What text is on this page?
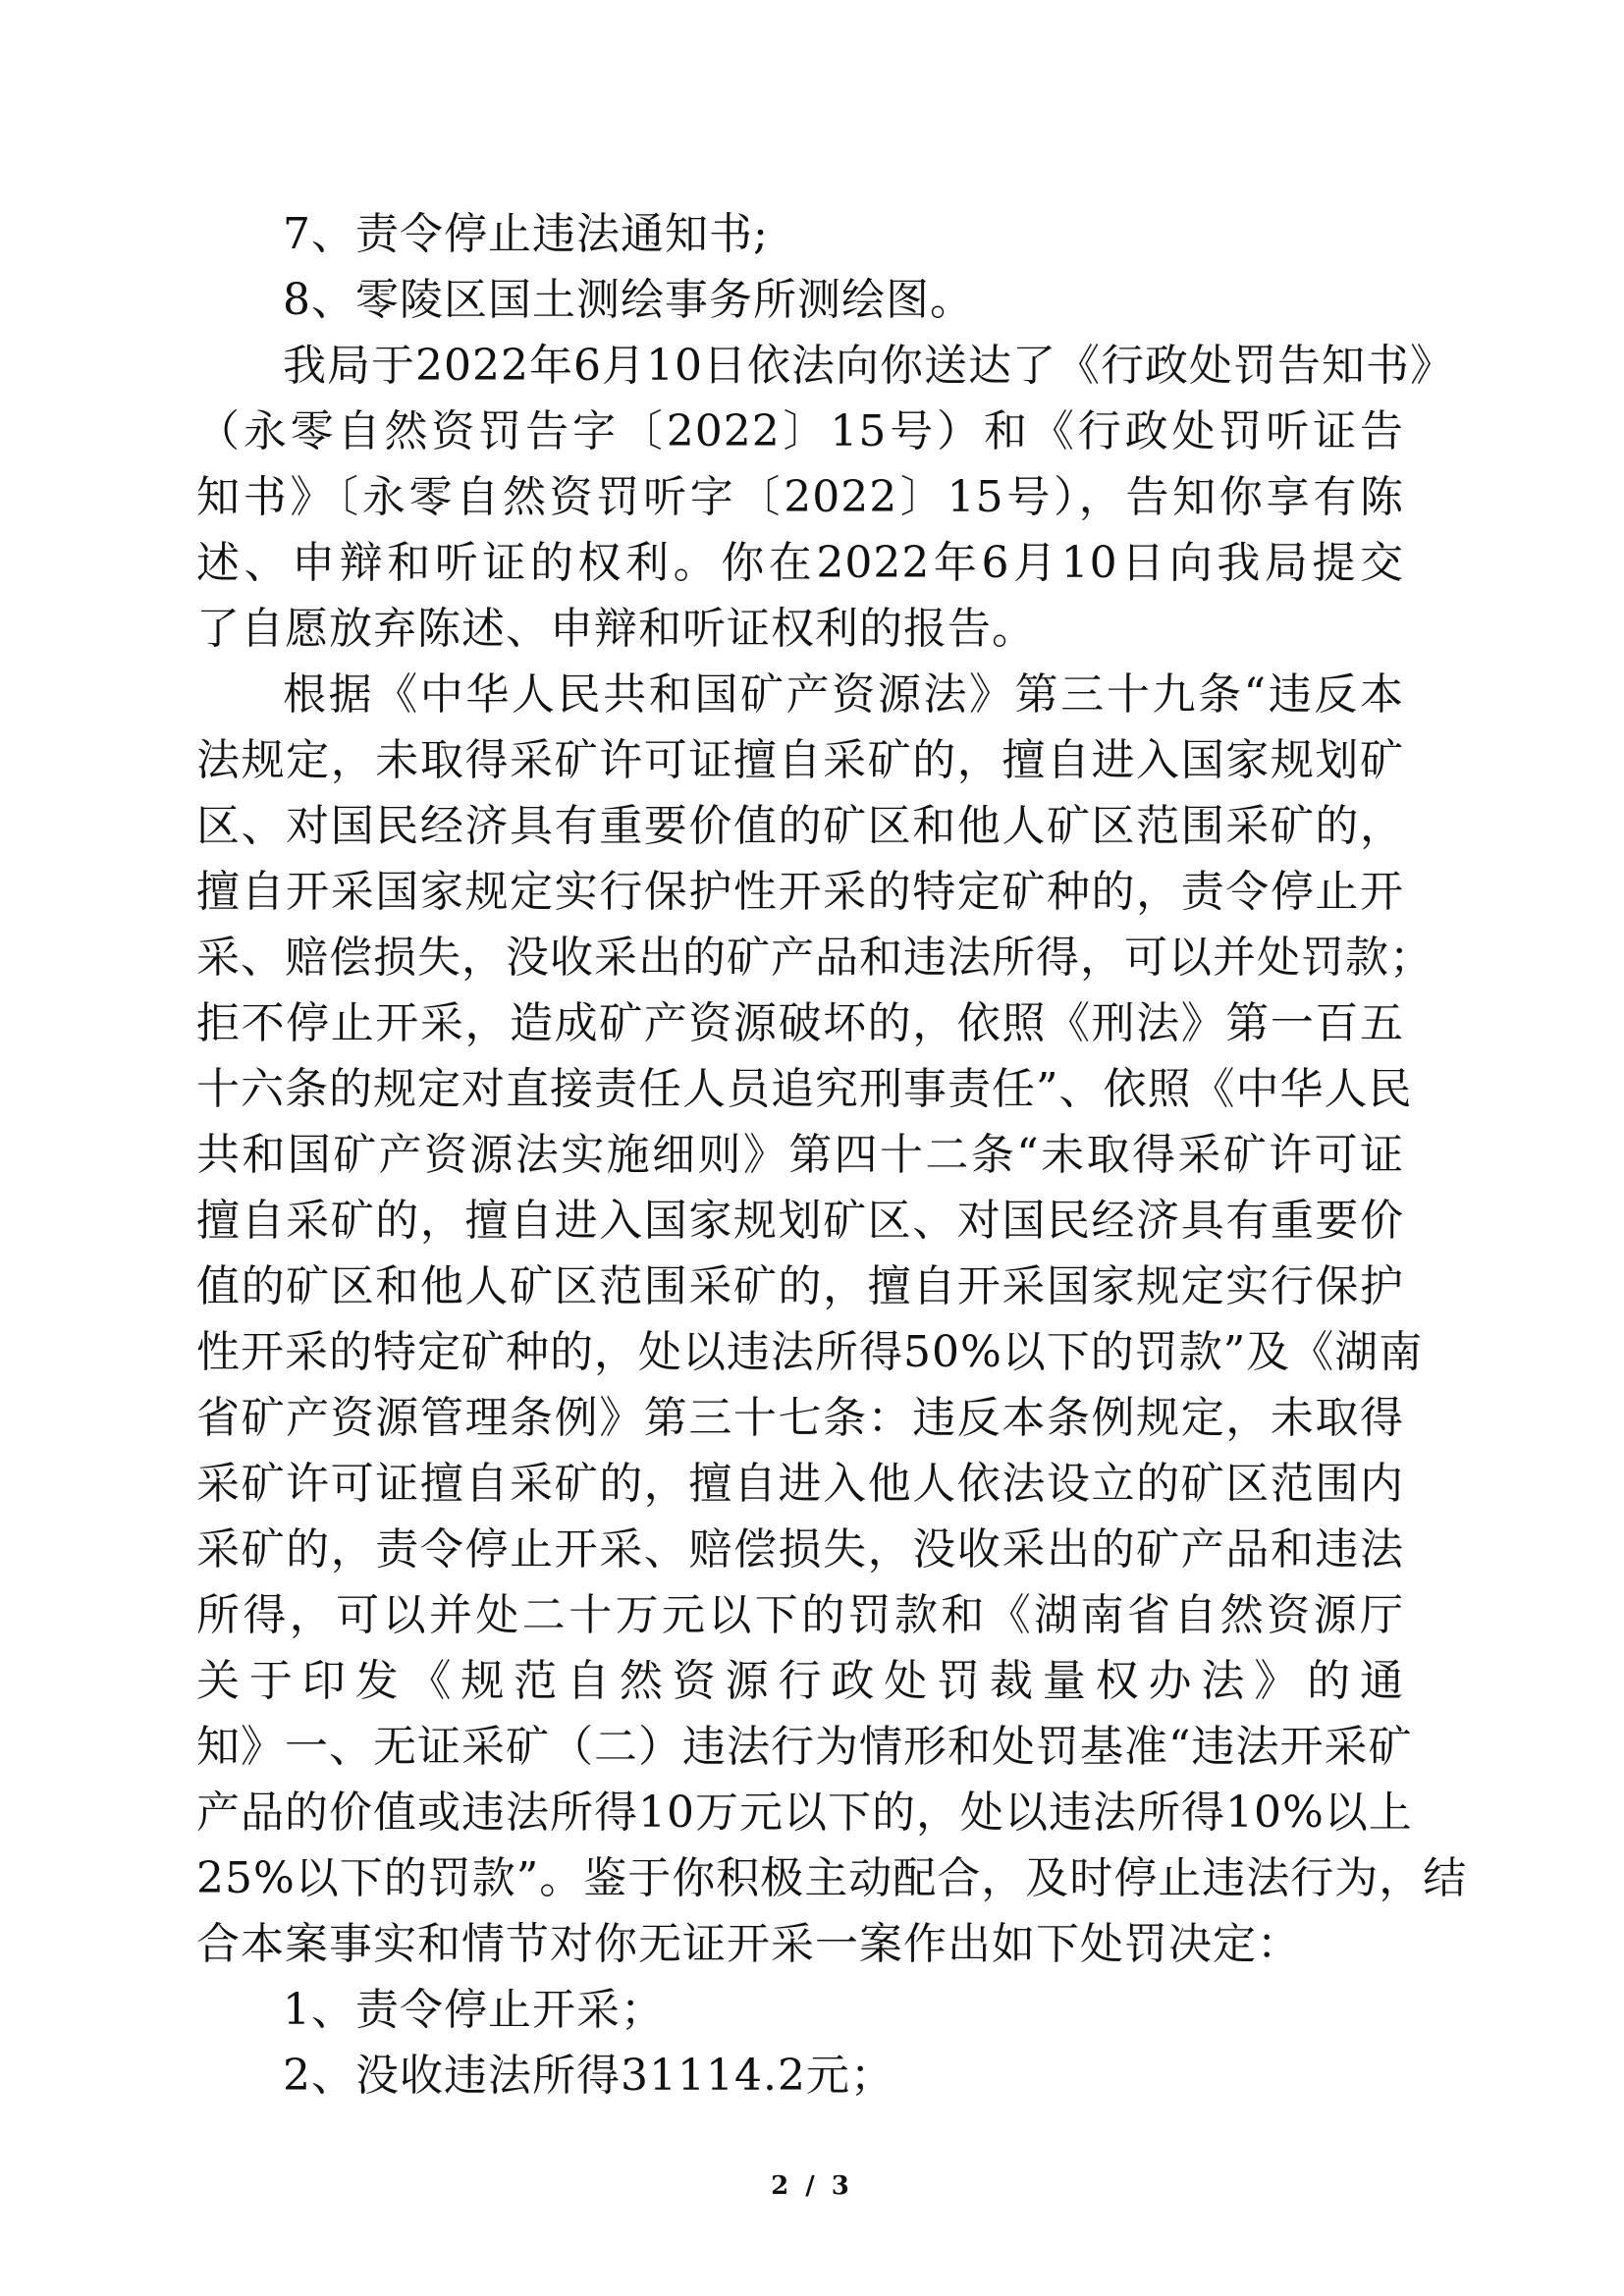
7、责令停止违法通知书;
8、零陵区国土测绘事务所测绘图。
我局于2022年6月10日依法向你送达了《行政处罚告知书》
（永零自然资罚告字〔2022〕15号）和《行政处罚听证告
知书》〔永零自然资罚听字〔2022〕15号），告知你享有陈
述、申辩和听证的权利。你在2022年6月10日向我局提交
了自愿放弃陈述、申辩和听证权利的报告。
根据《中华人民共和国矿产资源法》第三十九条“违反本
法规定，未取得采矿许可证擅自采矿的，擅自进入国家规划矿
区、对国民经济具有重要价值的矿区和他人矿区范围采矿的，
擅自开采国家规定实行保护性开采的特定矿种的，责令停止开
采、赔偿损失，没收采出的矿产品和违法所得，可以并处罚款；
拒不停止开采，造成矿产资源破坏的，依照《刑法》第一百五
十六条的规定对直接责任人员追究刑事责任”、依照《中华人民
共和国矿产资源法实施细则》第四十二条“未取得采矿许可证
擅自采矿的，擅自进入国家规划矿区、对国民经济具有重要价
值的矿区和他人矿区范围采矿的，擅自开采国家规定实行保护
性开采的特定矿种的，处以违法所得50%以下的罚款”及《湖南
省矿产资源管理条例》第三十七条：违反本条例规定，未取得
采矿许可证擅自采矿的，擅自进入他人依法设立的矿区范围内
采矿的，责令停止开采、赔偿损失，没收采出的矿产品和违法
所得，可以并处二十万元以下的罚款和《湖南省自然资源厅
关于印发《规范自然资源行政处罚裁量权办法》的通
知》一、无证采矿（二）违法行为情形和处罚基准“违法开采矿
产品的价值或违法所得10万元以下的，处以违法所得10%以上
25%以下的罚款”。鉴于你积极主动配合，及时停止违法行为，结
合本案事实和情节对你无证开采一案作出如下处罚决定：
1、责令停止开采；
2、没收违法所得31114.2元；
2 / 3
